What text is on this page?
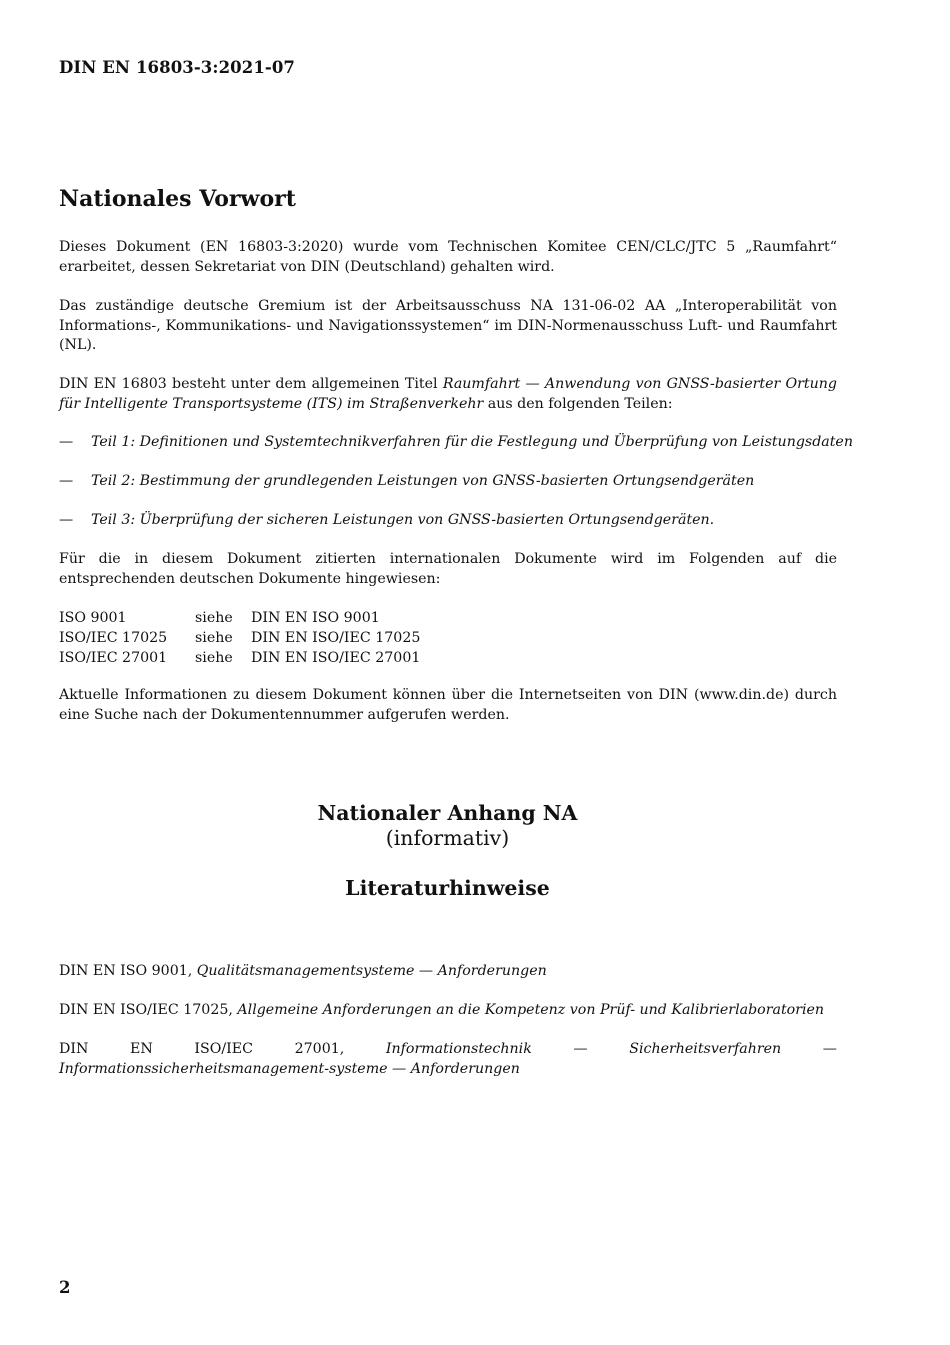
DIN EN 16803-3:2021-07
Nationales Vorwort
Dieses Dokument (EN 16803-3:2020) wurde vom Technischen Komitee CEN/CLC/JTC 5 „Raumfahrt“ erarbeitet, dessen Sekretariat von DIN (Deutschland) gehalten wird.
Das zuständige deutsche Gremium ist der Arbeitsausschuss NA 131-06-02 AA „Interoperabilität von Informations-, Kommunikations- und Navigationssystemen“ im DIN-Normenausschuss Luft- und Raumfahrt (NL).
DIN EN 16803 besteht unter dem allgemeinen Titel Raumfahrt — Anwendung von GNSS-basierter Ortung für Intelligente Transportsysteme (ITS) im Straßenverkehr aus den folgenden Teilen:
— Teil 1: Definitionen und Systemtechnikverfahren für die Festlegung und Überprüfung von Leistungsdaten
— Teil 2: Bestimmung der grundlegenden Leistungen von GNSS-basierten Ortungsendgeräten
— Teil 3: Überprüfung der sicheren Leistungen von GNSS-basierten Ortungsendgeräten.
Für die in diesem Dokument zitierten internationalen Dokumente wird im Folgenden auf die entsprechenden deutschen Dokumente hingewiesen:
ISO 9001	siehe DIN EN ISO 9001
ISO/IEC 17025 siehe DIN EN ISO/IEC 17025
ISO/IEC 27001 siehe DIN EN ISO/IEC 27001
Aktuelle Informationen zu diesem Dokument können über die Internetseiten von DIN (www.din.de) durch eine Suche nach der Dokumentennummer aufgerufen werden.
Nationaler Anhang NA
(informativ)
Literaturhinweise
DIN EN ISO 9001, Qualitätsmanagementsysteme — Anforderungen
DIN EN ISO/IEC 17025, Allgemeine Anforderungen an die Kompetenz von Prüf- und Kalibrierlaboratorien
DIN EN ISO/IEC 27001, Informationstechnik — Sicherheitsverfahren — Informationssicherheitsmanagement-systeme — Anforderungen
2
